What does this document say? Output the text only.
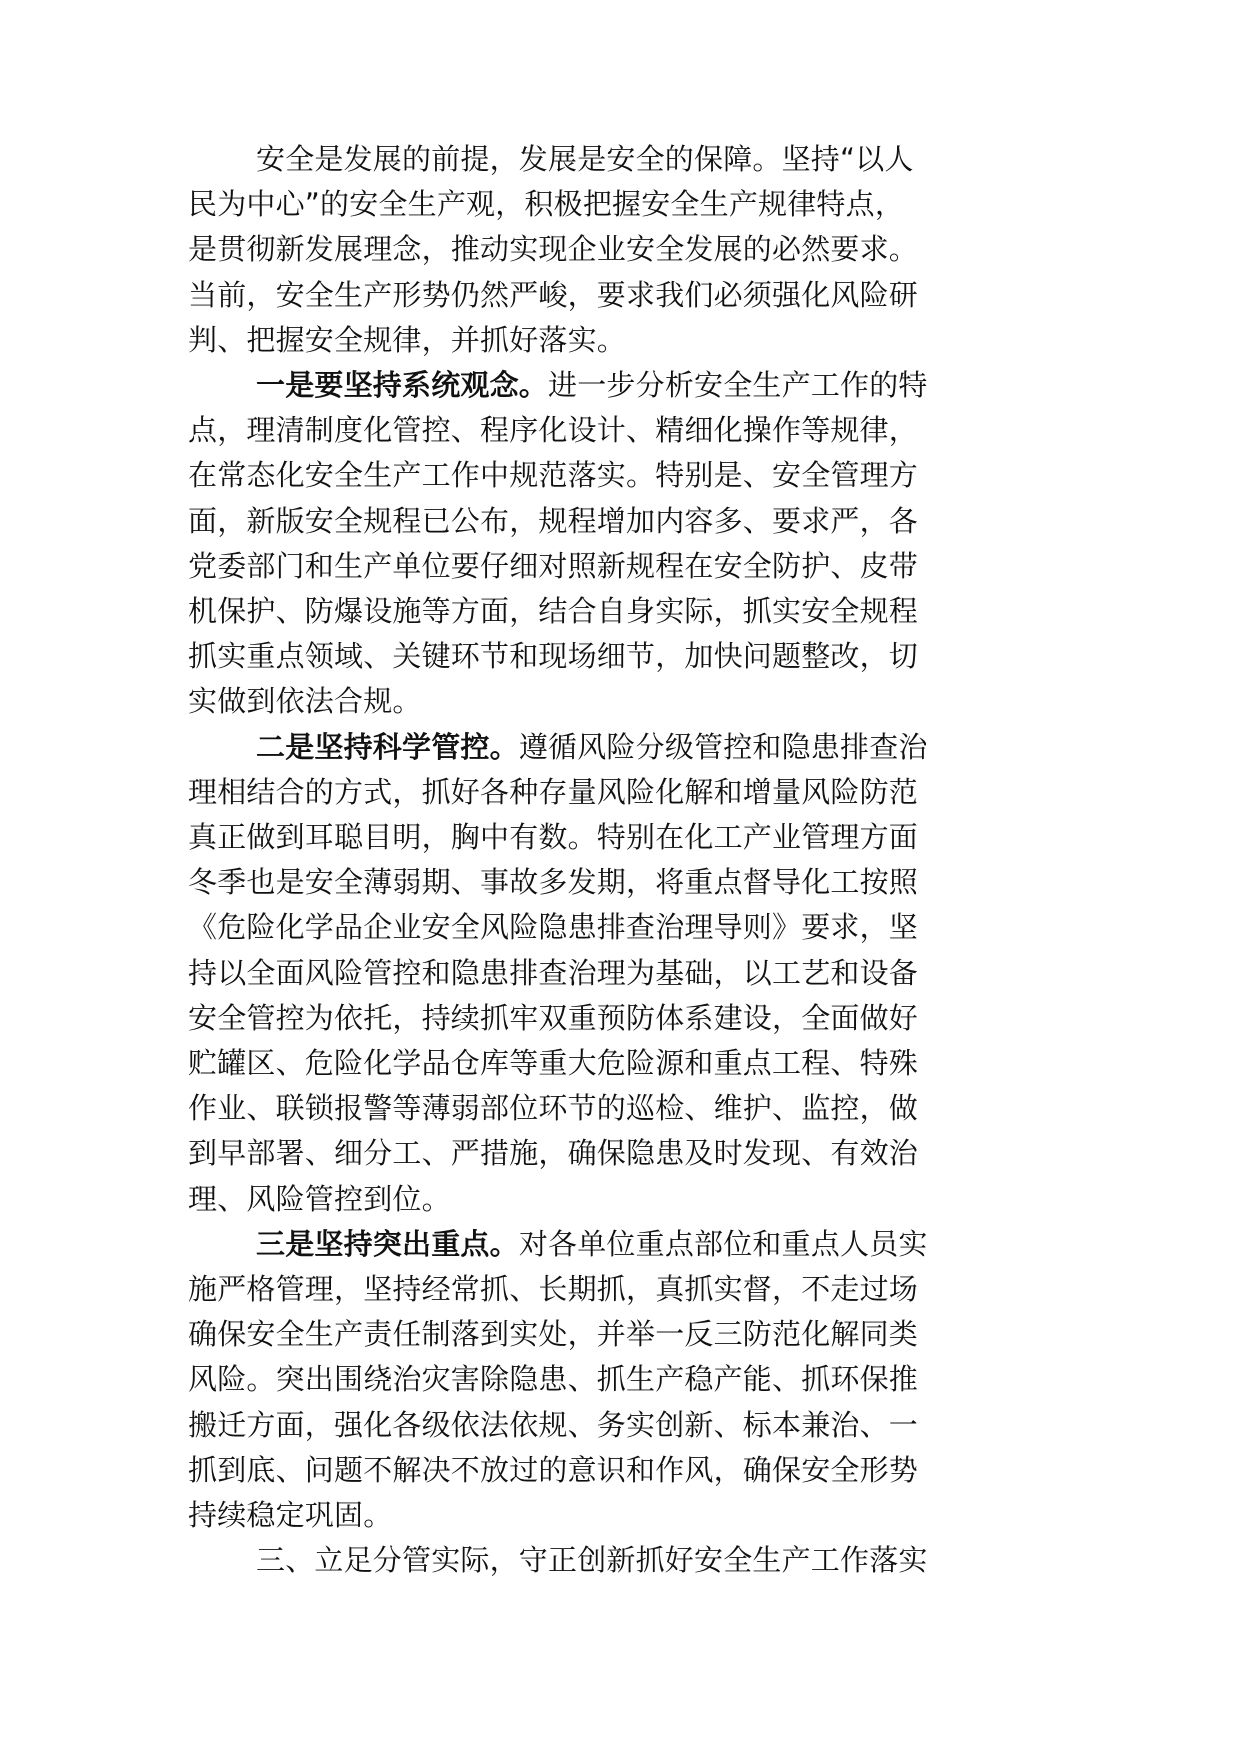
安全是发展的前提，发展是安全的保障。坚持“以人
民为中心”的安全生产观，积极把握安全生产规律特点，
是贯彻新发展理念，推动实现企业安全发展的必然要求。
当前，安全生产形势仍然严峻，要求我们必须强化风险研
判、把握安全规律，并抓好落实。
一是要坚持系统观念。进一步分析安全生产工作的特
点，理清制度化管控、程序化设计、精细化操作等规律，
在常态化安全生产工作中规范落实。特别是、安全管理方
面，新版安全规程已公布，规程增加内容多、要求严，各
党委部门和生产单位要仔细对照新规程在安全防护、皮带
机保护、防爆设施等方面，结合自身实际，抓实安全规程
抓实重点领域、关键环节和现场细节，加快问题整改，切
实做到依法合规。
二是坚持科学管控。遵循风险分级管控和隐患排查治
理相结合的方式，抓好各种存量风险化解和增量风险防范
真正做到耳聪目明，胸中有数。特别在化工产业管理方面
冬季也是安全薄弱期、事故多发期，将重点督导化工按照
《危险化学品企业安全风险隐患排查治理导则》要求，坚
持以全面风险管控和隐患排查治理为基础，以工艺和设备
安全管控为依托，持续抓牢双重预防体系建设，全面做好
贮罐区、危险化学品仓库等重大危险源和重点工程、特殊
作业、联锁报警等薄弱部位环节的巡检、维护、监控，做
到早部署、细分工、严措施，确保隐患及时发现、有效治
理、风险管控到位。
三是坚持突出重点。对各单位重点部位和重点人员实
施严格管理，坚持经常抓、长期抓，真抓实督，不走过场
确保安全生产责任制落到实处，并举一反三防范化解同类
风险。突出围绕治灾害除隐患、抓生产稳产能、抓环保推
搬迁方面，强化各级依法依规、务实创新、标本兼治、一
抓到底、问题不解决不放过的意识和作风，确保安全形势
持续稳定巩固。
三、立足分管实际，守正创新抓好安全生产工作落实
